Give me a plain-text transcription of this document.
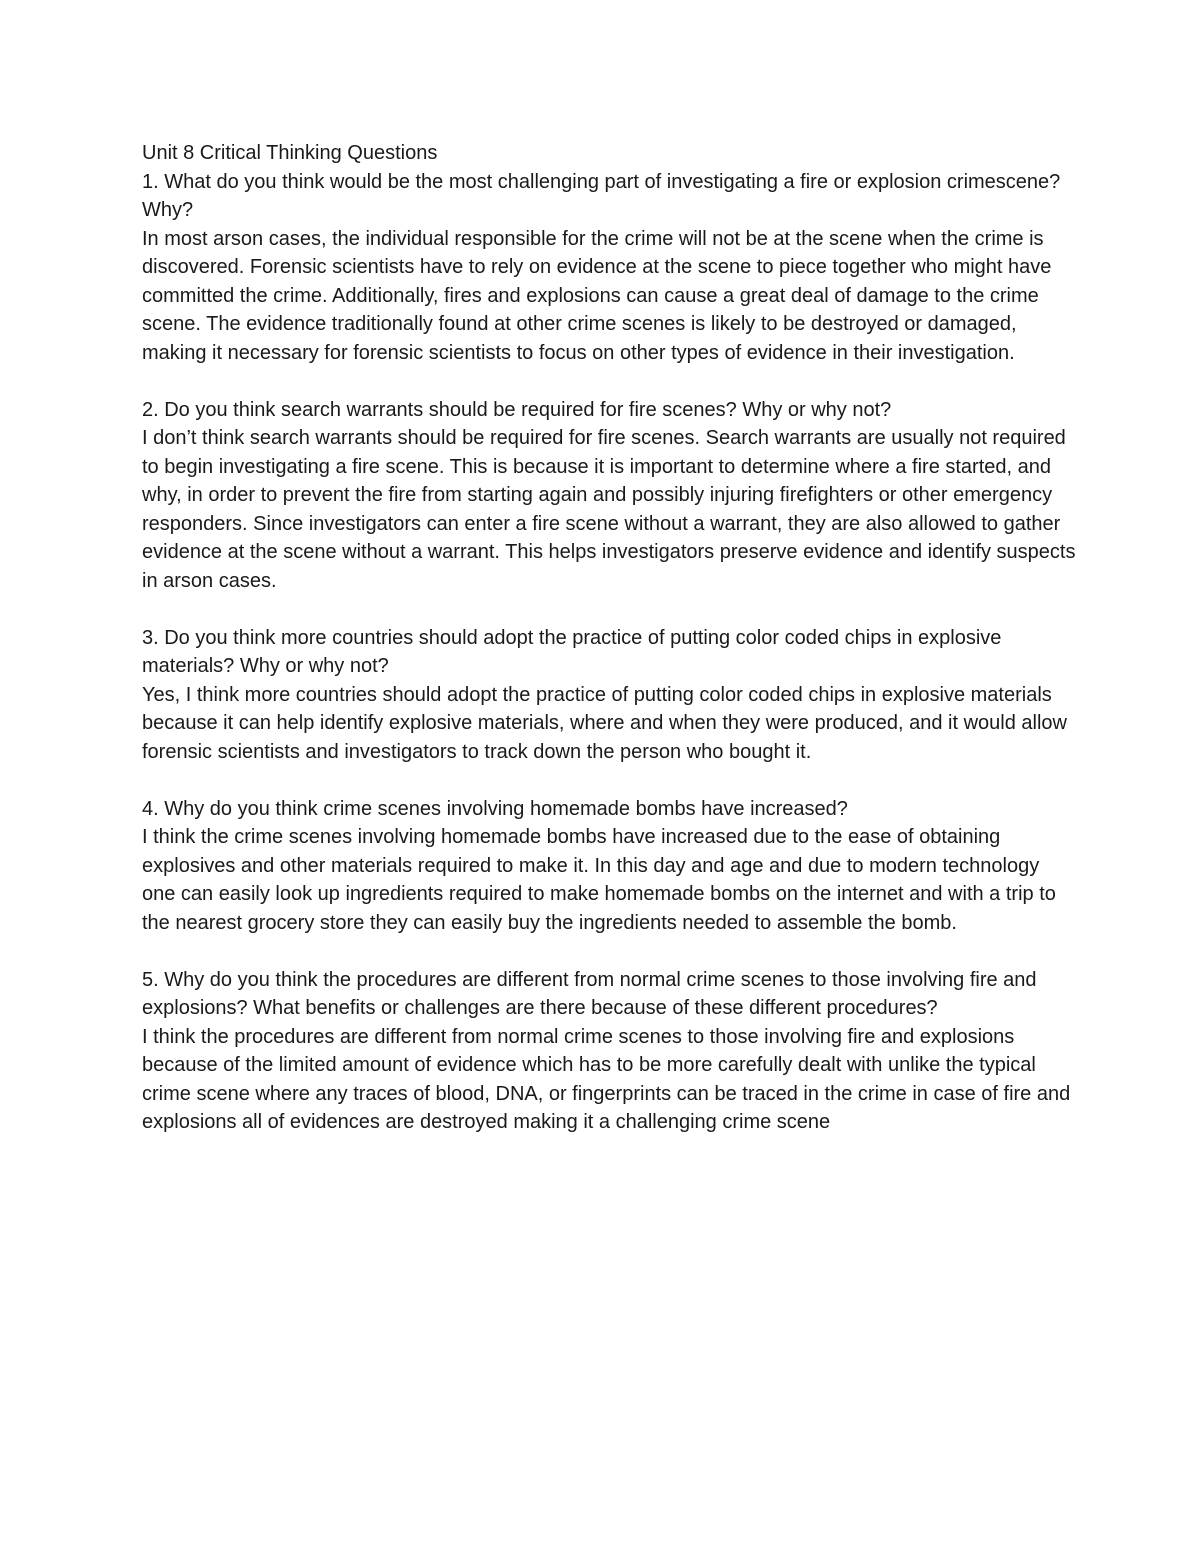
Unit 8 Critical Thinking Questions

1. What do you think would be the most challenging part of investigating a fire or explosion crimescene? Why?

In most arson cases, the individual responsible for the crime will not be at the scene when the crime is discovered. Forensic scientists have to rely on evidence at the scene to piece together who might have committed the crime. Additionally, fires and explosions can cause a great deal of damage to the crime scene. The evidence traditionally found at other crime scenes is likely to be destroyed or damaged, making it necessary for forensic scientists to focus on other types of evidence in their investigation.

2. Do you think search warrants should be required for fire scenes? Why or why not?

I don’t think search warrants should be required for fire scenes. Search warrants are usually not required to begin investigating a fire scene. This is because it is important to determine where a fire started, and why, in order to prevent the fire from starting again and possibly injuring firefighters or other emergency responders. Since investigators can enter a fire scene without a warrant, they are also allowed to gather evidence at the scene without a warrant. This helps investigators preserve evidence and identify suspects in arson cases.

3. Do you think more countries should adopt the practice of putting color coded chips in explosive materials? Why or why not?

Yes, I think more countries should adopt the practice of putting color coded chips in explosive materials because it can help identify explosive materials, where and when they were produced, and it would allow forensic scientists and investigators to track down the person who bought it.

4. Why do you think crime scenes involving homemade bombs have increased?

I think the crime scenes involving homemade bombs have increased due to the ease of obtaining explosives and other materials required to make it. In this day and age and due to modern technology one can easily look up ingredients required to make homemade bombs on the internet and with a trip to the nearest grocery store they can easily buy the ingredients needed to assemble the bomb.

5. Why do you think the procedures are different from normal crime scenes to those involving fire and explosions? What benefits or challenges are there because of these different procedures?

I think the procedures are different from normal crime scenes to those involving fire and explosions because of the limited amount of evidence which has to be more carefully dealt with unlike the typical crime scene where any traces of blood, DNA, or fingerprints can be traced in the crime in case of fire and explosions all of evidences are destroyed making it a challenging crime scene
